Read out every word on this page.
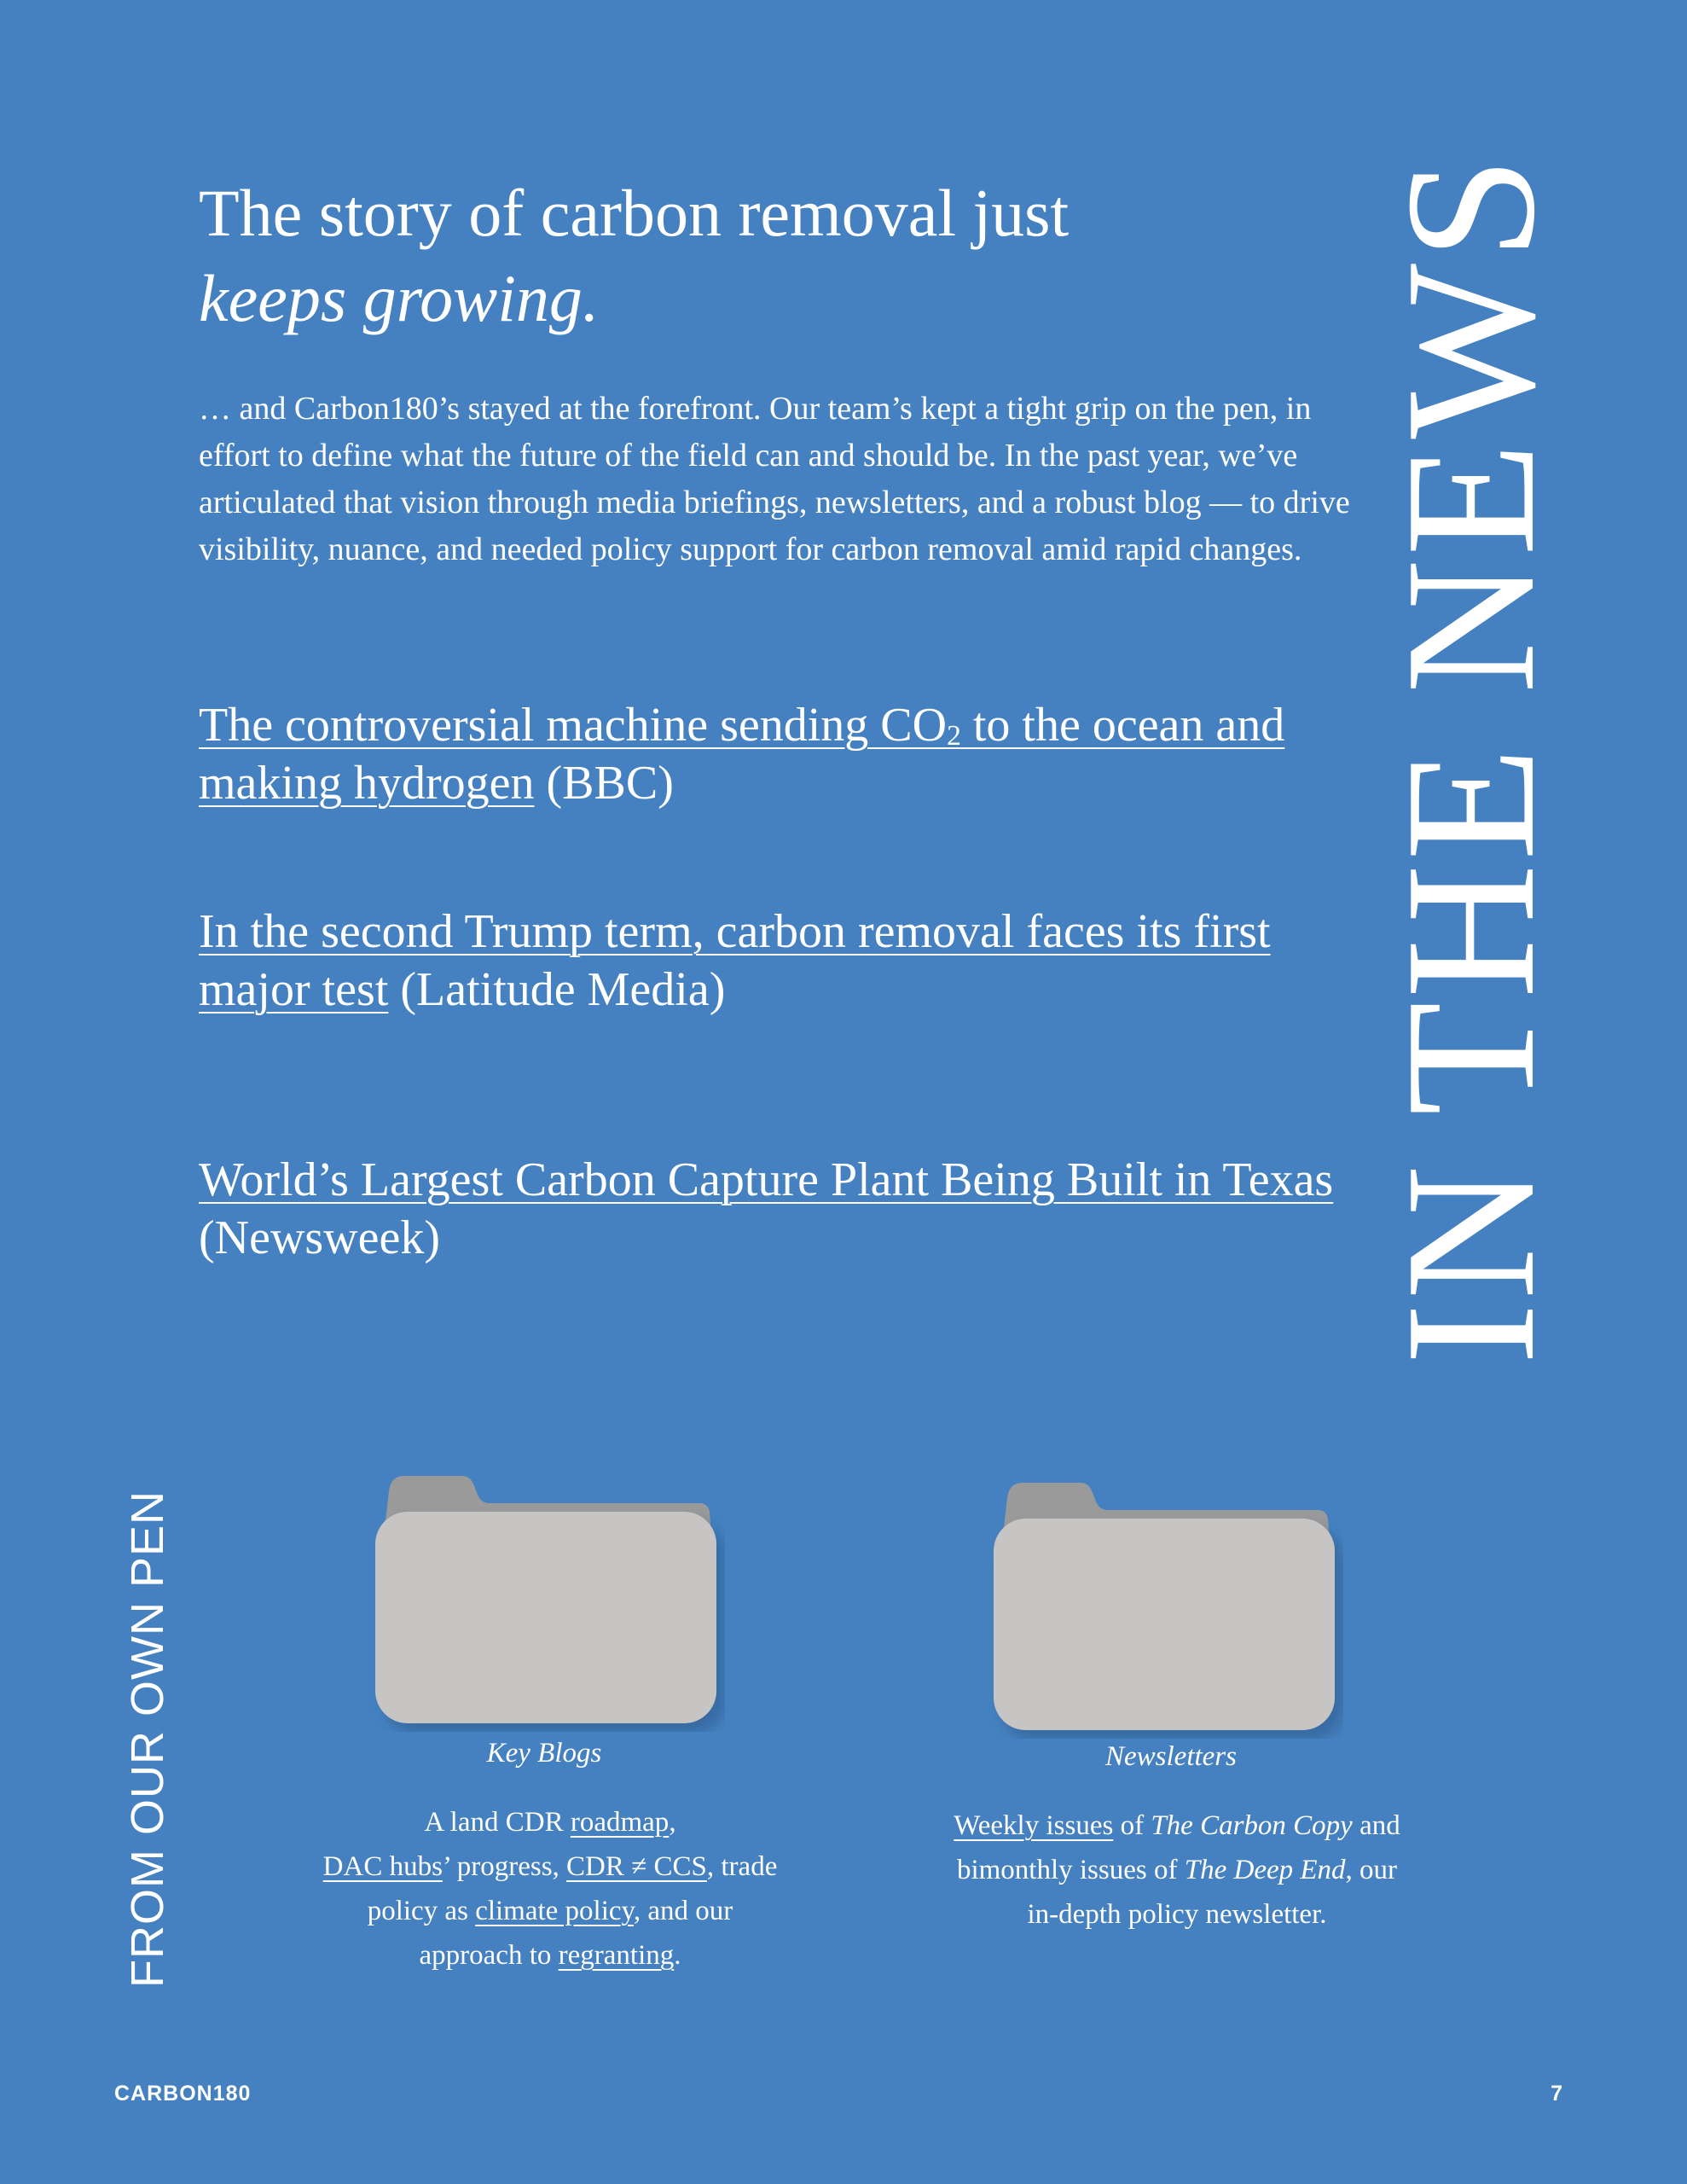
The story of carbon removal just
keeps growing.

… and Carbon180’s stayed at the forefront. Our team’s kept a tight grip on the pen, in effort to define what the future of the field can and should be. In the past year, we’ve articulated that vision through media briefings, newsletters, and a robust blog — to drive visibility, nuance, and needed policy support for carbon removal amid rapid changes.

The controversial machine sending $CO_2$ to the ocean and making hydrogen (BBC)

In the second Trump term, carbon removal faces its first major test (Latitude Media)

World’s Largest Carbon Capture Plant Being Built in Texas (Newsweek)	IN THE NEWS
FROM OUR OWN PEN	Key Blogs	Newsletters
A land CDR roadmap,
DAC hubs’ progress, CDR ≠ CCS, trade policy as climate policy, and our approach to regranting.
Weekly issues of The Carbon Copy and bimonthly issues of The Deep End, our in-depth policy newsletter.
CARBON180	7
